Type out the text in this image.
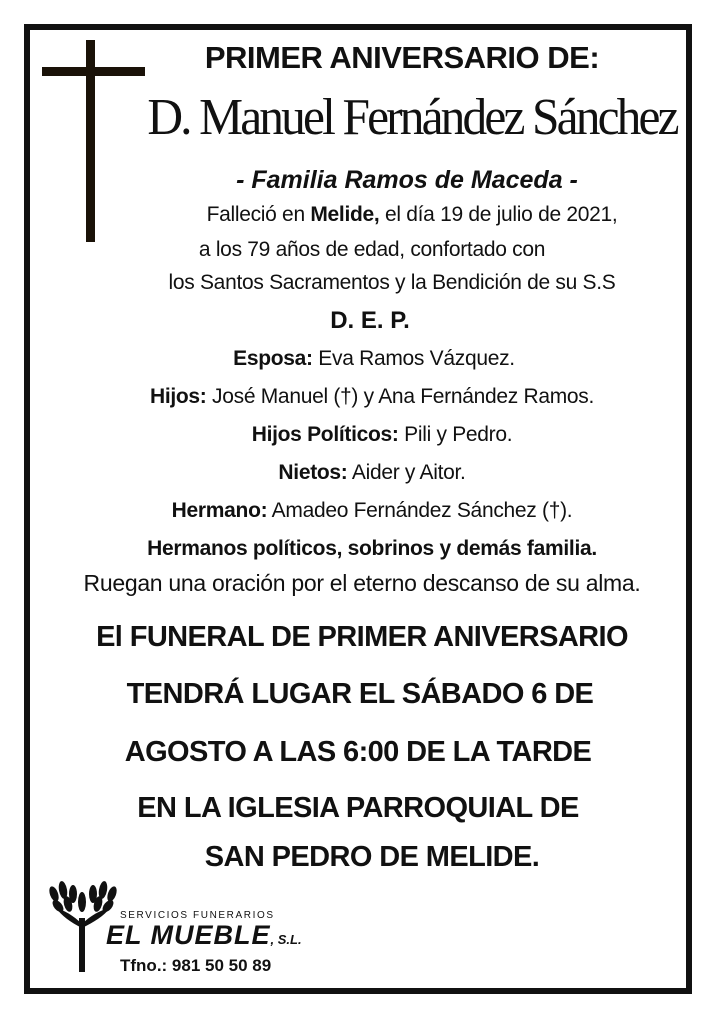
PRIMER ANIVERSARIO DE:
D. Manuel Fernández Sánchez
- Familia Ramos de Maceda -
Falleció en Melide, el día 19 de julio de 2021,
a los 79 años de edad, confortado con
los Santos Sacramentos y la Bendición de su S.S
D. E. P.
Esposa: Eva Ramos Vázquez.
Hijos: José Manuel (†) y Ana Fernández Ramos.
Hijos Políticos: Pili y Pedro.
Nietos: Aider y Aitor.
Hermano: Amadeo Fernández Sánchez (†).
Hermanos políticos, sobrinos y demás familia.
Ruegan una oración por el eterno descanso de su alma.
El FUNERAL DE PRIMER ANIVERSARIO
TENDRÁ LUGAR EL SÁBADO 6 DE
AGOSTO A LAS 6:00 DE LA TARDE
EN LA IGLESIA PARROQUIAL DE
SAN PEDRO DE MELIDE.
SERVICIOS FUNERARIOS
EL MUEBLE, S.L.
Tfno.: 981 50 50 89
